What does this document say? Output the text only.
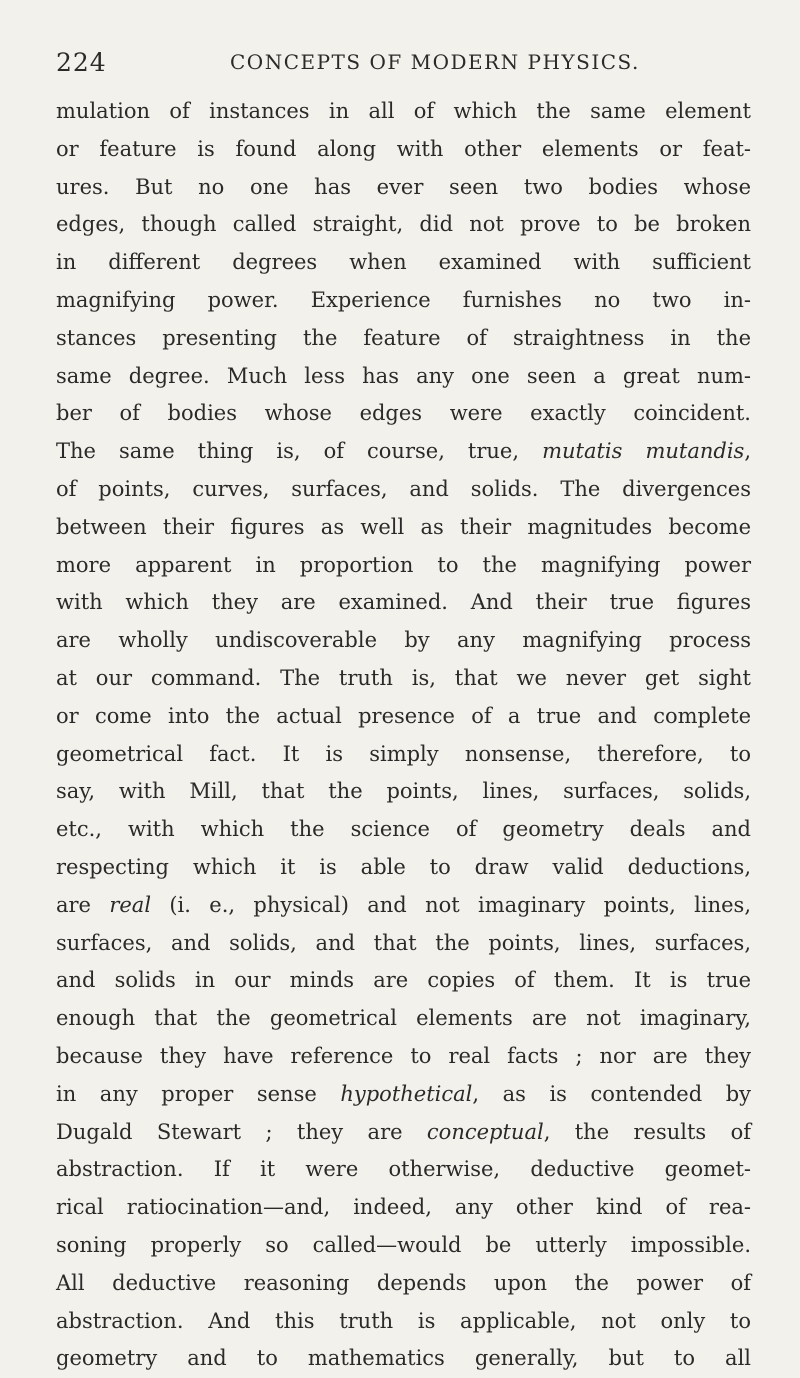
224	CONCEPTS OF MODERN PHYSICS.
mulation of instances in all of which the same element
or feature is found along with other elements or feat-
ures. But no one has ever seen two bodies whose
edges, though called straight, did not prove to be broken
in different degrees when examined with sufficient
magnifying power. Experience furnishes no two in-
stances presenting the feature of straightness in the
same degree. Much less has any one seen a great num-
ber of bodies whose edges were exactly coincident.
The same thing is, of course, true, mutatis mutandis,
of points, curves, surfaces, and solids. The divergences
between their figures as well as their magnitudes become
more apparent in proportion to the magnifying power
with which they are examined. And their true figures
are wholly undiscoverable by any magnifying process
at our command. The truth is, that we never get sight
or come into the actual presence of a true and complete
geometrical fact. It is simply nonsense, therefore, to
say, with Mill, that the points, lines, surfaces, solids,
etc., with which the science of geometry deals and
respecting which it is able to draw valid deductions,
are real (i. e., physical) and not imaginary points, lines,
surfaces, and solids, and that the points, lines, surfaces,
and solids in our minds are copies of them. It is true
enough that the geometrical elements are not imaginary,
because they have reference to real facts ; nor are they
in any proper sense hypothetical, as is contended by
Dugald Stewart ; they are conceptual, the results of
abstraction. If it were otherwise, deductive geomet-
rical ratiocination—and, indeed, any other kind of rea-
soning properly so called—would be utterly impossible.
All deductive reasoning depends upon the power of
abstraction. And this truth is applicable, not only to
geometry and to mathematics generally, but to all
